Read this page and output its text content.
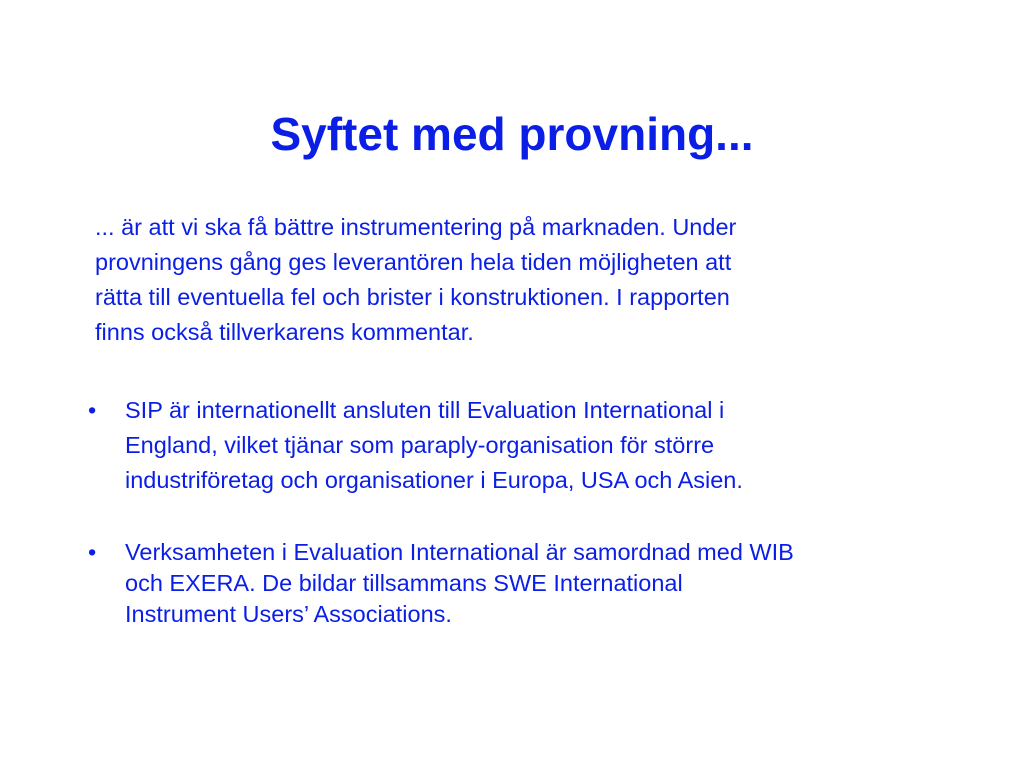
Syftet med provning...

... är att vi ska få bättre instrumentering på marknaden. Under
provningens gång ges leverantören hela tiden möjligheten att
rätta till eventuella fel och brister i konstruktionen. I rapporten
finns också tillverkarens kommentar.

• SIP är internationellt ansluten till Evaluation International i
England, vilket tjänar som paraply-organisation för större
industriföretag och organisationer i Europa, USA och Asien.
• Verksamheten i Evaluation International är samordnad med WIB
och EXERA. De bildar tillsammans SWE International
Instrument Users’ Associations.
